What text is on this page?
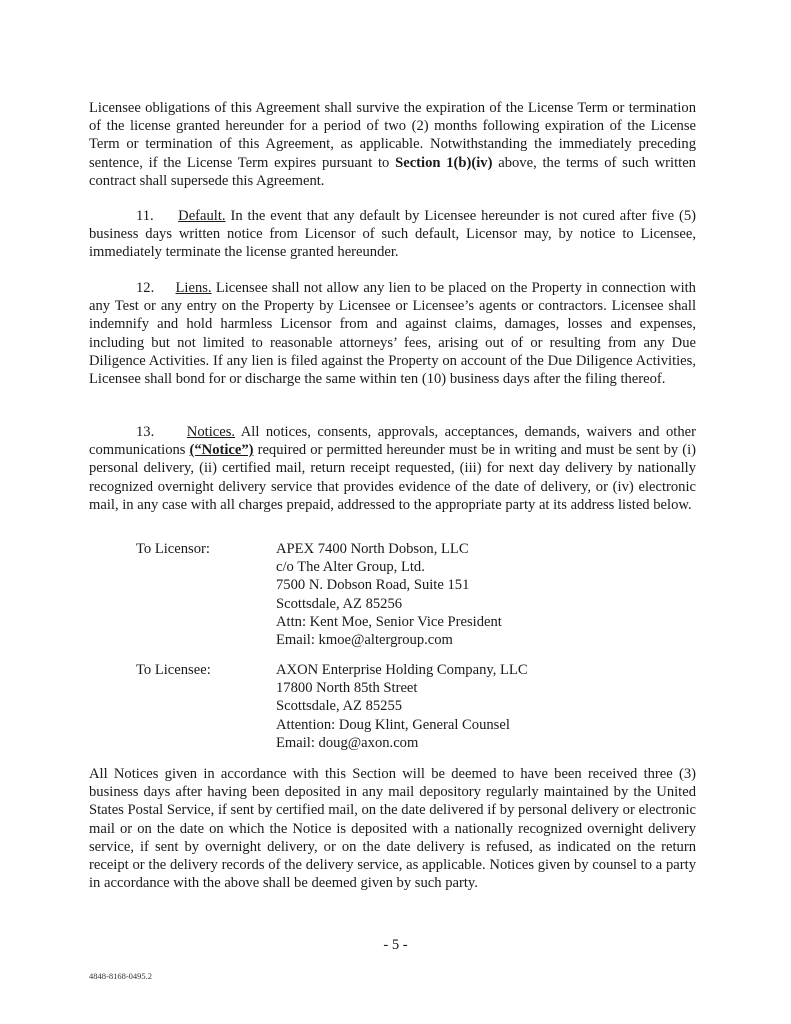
Licensee obligations of this Agreement shall survive the expiration of the License Term or termination of the license granted hereunder for a period of two (2) months following expiration of the License Term or termination of this Agreement, as applicable. Notwithstanding the immediately preceding sentence, if the License Term expires pursuant to Section 1(b)(iv) above, the terms of such written contract shall supersede this Agreement.

11. Default. In the event that any default by Licensee hereunder is not cured after five (5) business days written notice from Licensor of such default, Licensor may, by notice to Licensee, immediately terminate the license granted hereunder.

12. Liens. Licensee shall not allow any lien to be placed on the Property in connection with any Test or any entry on the Property by Licensee or Licensee’s agents or contractors. Licensee shall indemnify and hold harmless Licensor from and against claims, damages, losses and expenses, including but not limited to reasonable attorneys’ fees, arising out of or resulting from any Due Diligence Activities. If any lien is filed against the Property on account of the Due Diligence Activities, Licensee shall bond for or discharge the same within ten (10) business days after the filing thereof.

13. Notices. All notices, consents, approvals, acceptances, demands, waivers and other communications (“Notice”) required or permitted hereunder must be in writing and must be sent by (i) personal delivery, (ii) certified mail, return receipt requested, (iii) for next day delivery by nationally recognized overnight delivery service that provides evidence of the date of delivery, or (iv) electronic mail, in any case with all charges prepaid, addressed to the appropriate party at its address listed below.

To Licensor:	APEX 7400 North Dobson, LLC
c/o The Alter Group, Ltd.
7500 N. Dobson Road, Suite 151
Scottsdale, AZ 85256
Attn: Kent Moe, Senior Vice President
Email: kmoe@altergroup.com
To Licensee:	AXON Enterprise Holding Company, LLC
17800 North 85th Street
Scottsdale, AZ 85255
Attention: Doug Klint, General Counsel
Email: doug@axon.com

All Notices given in accordance with this Section will be deemed to have been received three (3) business days after having been deposited in any mail depository regularly maintained by the United States Postal Service, if sent by certified mail, on the date delivered if by personal delivery or electronic mail or on the date on which the Notice is deposited with a nationally recognized overnight delivery service, if sent by overnight delivery, or on the date delivery is refused, as indicated on the return receipt or the delivery records of the delivery service, as applicable. Notices given by counsel to a party in accordance with the above shall be deemed given by such party.

- 5 -
4848-8168-0495.2
